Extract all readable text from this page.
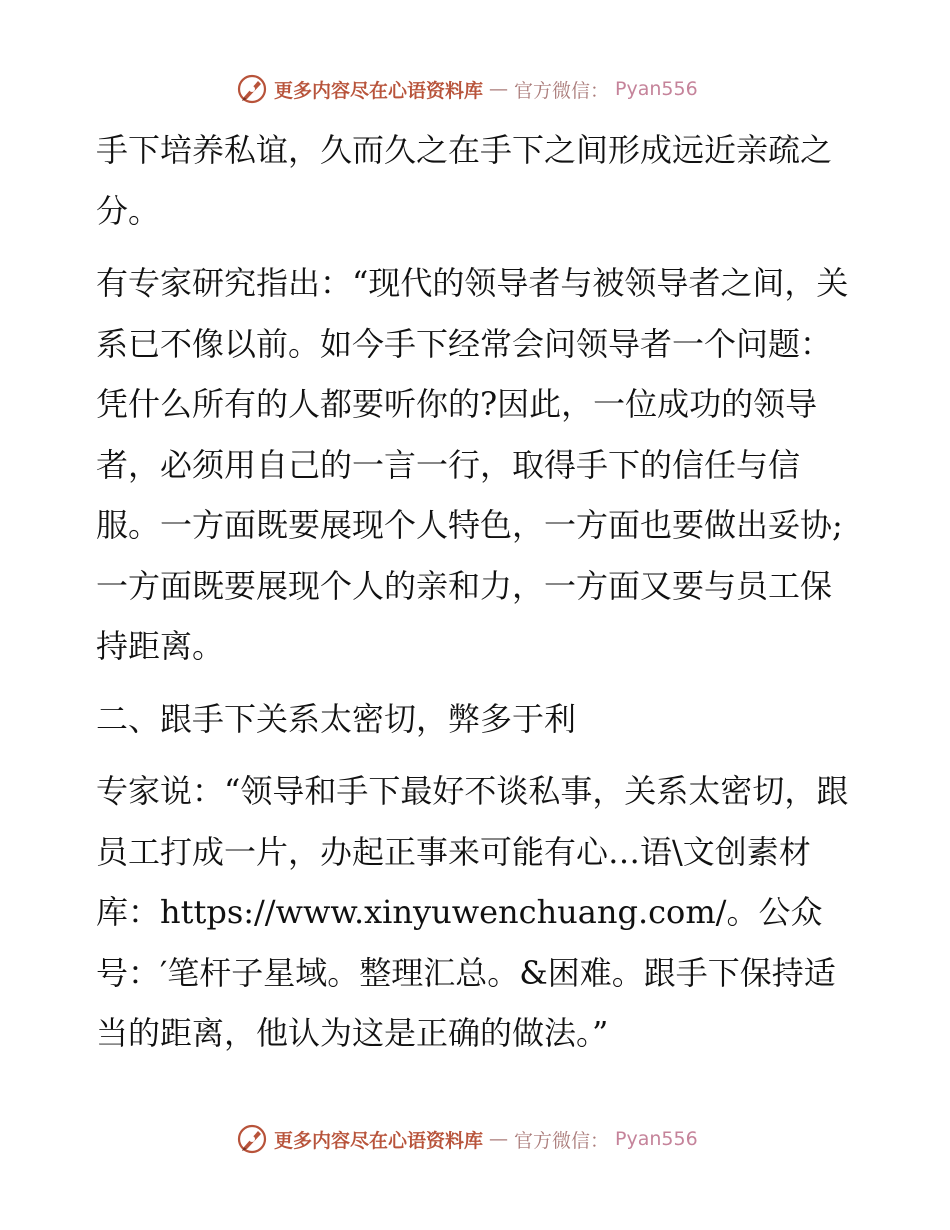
更多内容尽在心语资料库 — 官方微信： Pyan556

手下培养私谊，久而久之在手下之间形成远近亲疏之分。

有专家研究指出：“现代的领导者与被领导者之间，关系已不像以前。如今手下经常会问领导者一个问题：凭什么所有的人都要听你的?因此，一位成功的领导者，必须用自己的一言一行，取得手下的信任与信服。一方面既要展现个人特色，一方面也要做出妥协;一方面既要展现个人的亲和力，一方面又要与员工保持距离。

二、跟手下关系太密切，弊多于利

专家说：“领导和手下最好不谈私事，关系太密切，跟员工打成一片，办起正事来可能有心…语\文创素材库：https://www.xinyuwenchuang.com/。公众号：′笔杆子星域。整理汇总。&困难。跟手下保持适当的距离，他认为这是正确的做法。”

更多内容尽在心语资料库 — 官方微信： Pyan556
